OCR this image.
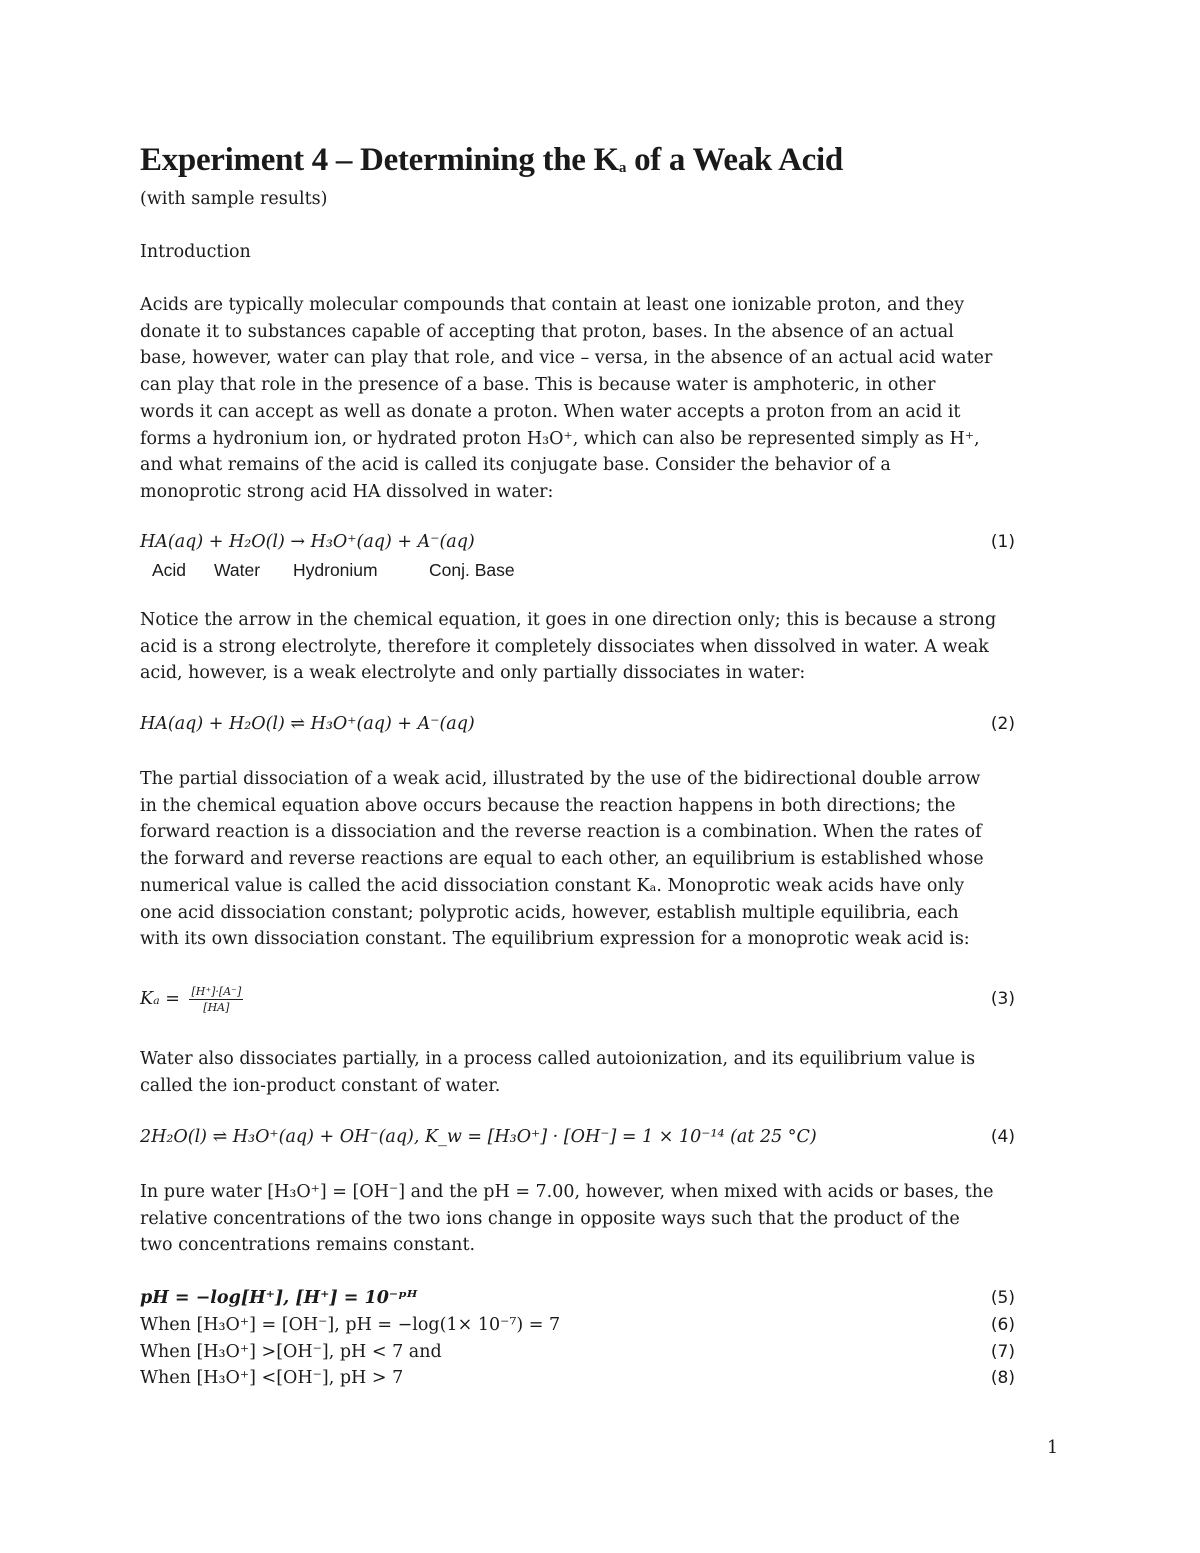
Experiment 4 – Determining the $K_a$ of a Weak Acid
(with sample results)
Introduction
Acids are typically molecular compounds that contain at least one ionizable proton, and they
donate it to substances capable of accepting that proton, bases. In the absence of an actual
base, however, water can play that role, and vice – versa, in the absence of an actual acid water
can play that role in the presence of a base. This is because water is amphoteric, in other
words it can accept as well as donate a proton. When water accepts a proton from an acid it
forms a hydronium ion, or hydrated proton H₃O⁺, which can also be represented simply as H⁺,
and what remains of the acid is called its conjugate base. Consider the behavior of a
monoprotic strong acid HA dissolved in water:
HA(aq) + H₂O(l) → H₃O⁺(aq) + A⁻(aq)	(1)
Acid Water Hydronium	Conj. Base
Notice the arrow in the chemical equation, it goes in one direction only; this is because a strong
acid is a strong electrolyte, therefore it completely dissociates when dissolved in water. A weak
acid, however, is a weak electrolyte and only partially dissociates in water:
HA(aq) + H₂O(l) ⇌ H₃O⁺(aq) + A⁻(aq)	(2)
The partial dissociation of a weak acid, illustrated by the use of the bidirectional double arrow
in the chemical equation above occurs because the reaction happens in both directions; the
forward reaction is a dissociation and the reverse reaction is a combination. When the rates of
the forward and reverse reactions are equal to each other, an equilibrium is established whose
numerical value is called the acid dissociation constant Kₐ. Monoprotic weak acids have only
one acid dissociation constant; polyprotic acids, however, establish multiple equilibria, each
with its own dissociation constant. The equilibrium expression for a monoprotic weak acid is:
$K_a = \frac{[H^+]\cdot[A^-]}{[HA]}$	(3)
Water also dissociates partially, in a process called autoionization, and its equilibrium value is
called the ion-product constant of water.
2H₂O(l) ⇌ H₃O⁺(aq) + OH⁻(aq), K_w = [H₃O⁺] · [OH⁻] = 1 × 10⁻¹⁴ (at 25 °C)	(4)
In pure water [H₃O⁺] = [OH⁻] and the pH = 7.00, however, when mixed with acids or bases, the
relative concentrations of the two ions change in opposite ways such that the product of the
two concentrations remains constant.
pH = −log[H⁺], [H⁺] = 10⁻ᵖᴴ	(5)
When [H₃O⁺] = [OH⁻], pH = −log(1× 10⁻⁷) = 7	(6)
When [H₃O⁺] >[OH⁻], pH < 7 and	(7)
When [H₃O⁺] <[OH⁻], pH > 7	(8)
1
